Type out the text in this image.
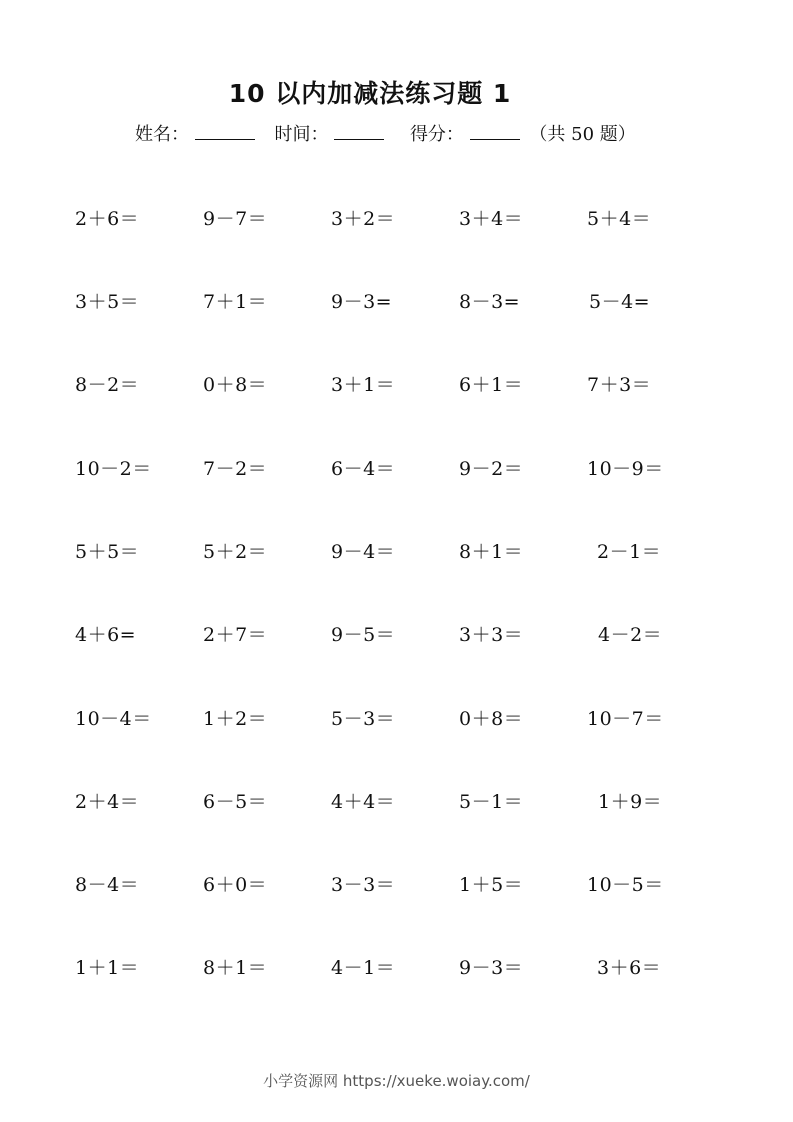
10 以内加减法练习题 1
姓名：	时间：	得分：	（共 50 题）
2＋6＝	9－7＝	3＋2＝	3＋4＝	5＋4＝
3＋5＝	7＋1＝	9－3=	8－3=	5－4=
8－2＝	0＋8＝	3＋1＝	6＋1＝	7＋3＝
10－2＝	7－2＝	6－4＝	9－2＝	10－9＝
5＋5＝	5＋2＝	9－4＝	8＋1＝	2－1＝
4＋6=	2＋7＝	9－5＝	3＋3＝	4－2＝
10－4＝	1＋2＝	5－3＝	0＋8＝	10－7＝
2＋4＝	6－5＝	4＋4＝	5－1＝	1＋9＝
8－4＝	6＋0＝	3－3＝	1＋5＝	10－5＝
1＋1＝	8＋1＝	4－1＝	9－3＝	3＋6＝
小学资源网 https://xueke.woiay.com/
